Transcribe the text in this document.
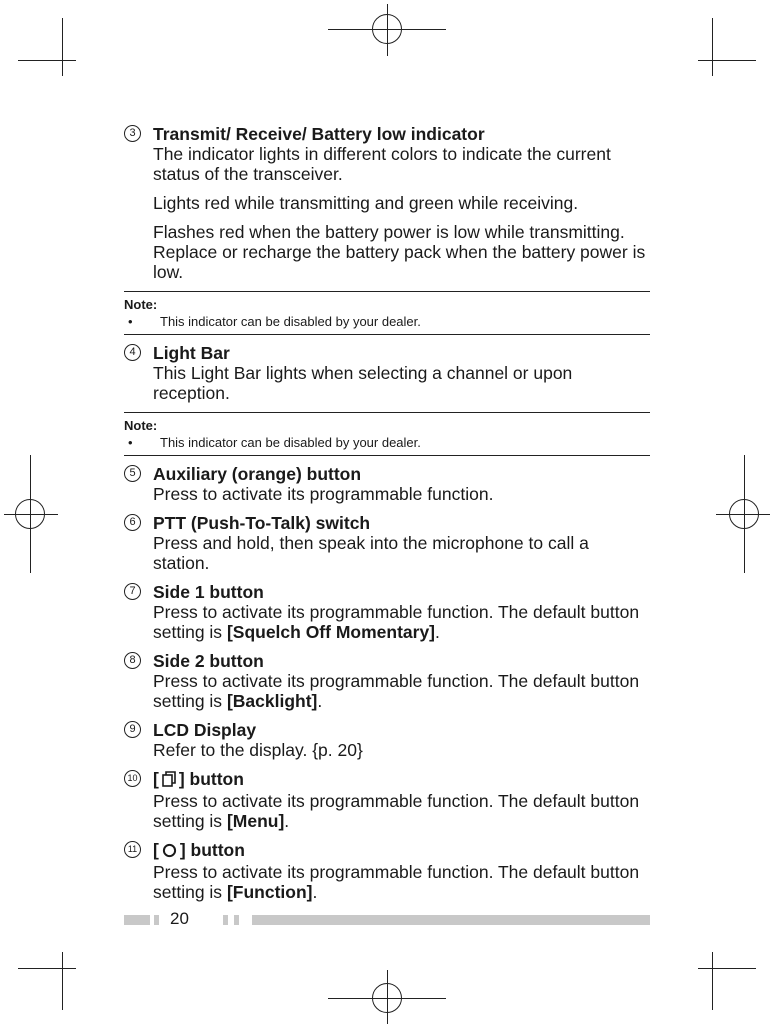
3 Transmit/ Receive/ Battery low indicator

The indicator lights in different colors to indicate the current status of the transceiver.

Lights red while transmitting and green while receiving.

Flashes red when the battery power is low while transmitting. Replace or recharge the battery pack when the battery power is low.

Note:
• This indicator can be disabled by your dealer.
4 Light Bar

This Light Bar lights when selecting a channel or upon reception.

Note:
• This indicator can be disabled by your dealer.
5 Auxiliary (orange) button

Press to activate its programmable function.

6 PTT (Push-To-Talk) switch

Press and hold, then speak into the microphone to call a station.

7 Side 1 button

Press to activate its programmable function. The default button setting is [Squelch Off Momentary].

8 Side 2 button

Press to activate its programmable function. The default button setting is [Backlight].

9 LCD Display

Refer to the display. {p. 20}

10 [ ] button

Press to activate its programmable function. The default button setting is [Menu].

11 [ ] button

Press to activate its programmable function. The default button setting is [Function].

20
